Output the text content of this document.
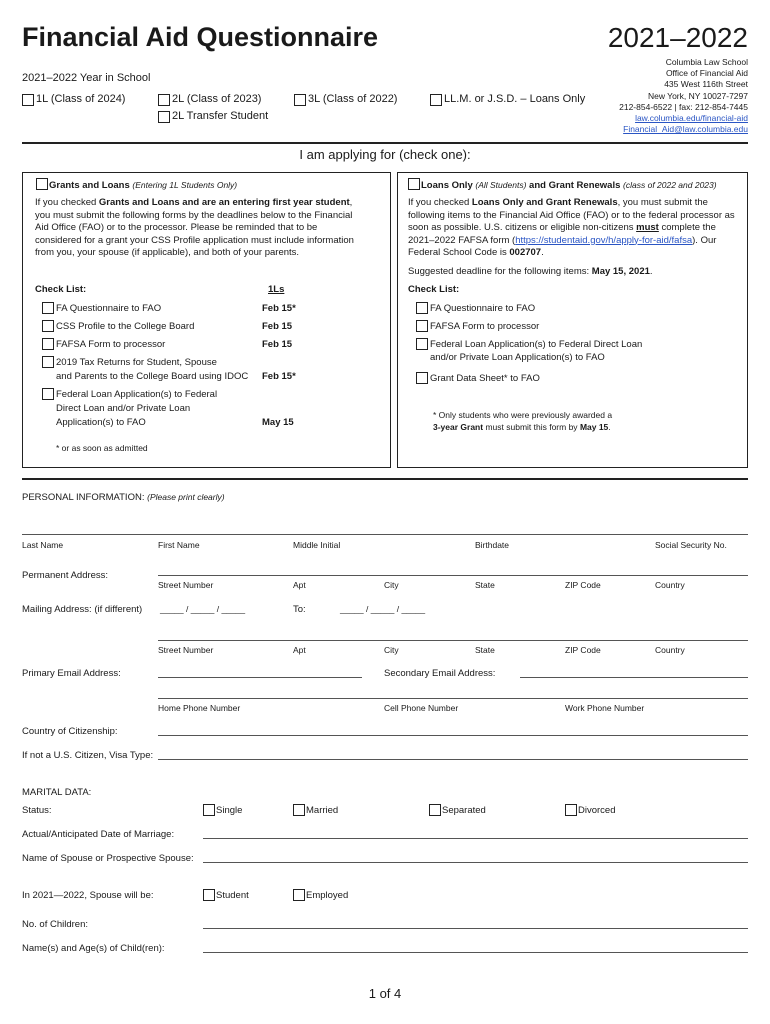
Financial Aid Questionnaire	2021–2022
2021–2022 Year in School
1L (Class of 2024)	2L (Class of 2023)	3L (Class of 2022)	LL.M. or J.S.D. – Loans Only
2L Transfer Student
Columbia Law School
Office of Financial Aid
435 West 116th Street
New York, NY 10027-7297
212-854-6522 | fax: 212-854-7445
law.columbia.edu/financial-aid
Financial_Aid@law.columbia.edu
I am applying for (check one):
Grants and Loans (Entering 1L Students Only)
If you checked Grants and Loans and are an entering first year student, you must submit the following forms by the deadlines below to the Financial Aid Office (FAO) or to the processor. Please be reminded that to be considered for a grant your CSS Profile application must include information from you, your spouse (if applicable), and both of your parents.
Check List:	1Ls
FA Questionnaire to FAO	Feb 15*
CSS Profile to the College Board	Feb 15
FAFSA Form to processor	Feb 15
2019 Tax Returns for Student, Spouse
and Parents to the College Board using IDOC Feb 15*
Federal Loan Application(s) to Federal
Direct Loan and/or Private Loan
Application(s) to FAO	May 15
* or as soon as admitted
Loans Only (All Students) and Grant Renewals (class of 2022 and 2023)
If you checked Loans Only and Grant Renewals, you must submit the following items to the Financial Aid Office (FAO) or to the federal processor as soon as possible. U.S. citizens or eligible non-citizens must complete the 2021–2022 FAFSA form (https://studentaid.gov/h/apply-for-aid/fafsa). Our Federal School Code is 002707.
Suggested deadline for the following items: May 15, 2021.
Check List:
FA Questionnaire to FAO
FAFSA Form to processor
Federal Loan Application(s) to Federal Direct Loan
and/or Private Loan Application(s) to FAO
Grant Data Sheet* to FAO
* Only students who were previously awarded a
3-year Grant must submit this form by May 15.
PERSONAL INFORMATION: (Please print clearly)
Last Name	First Name	Middle Initial	Birthdate	Social Security No.
Permanent Address:
Street Number	Apt	City	State	ZIP Code	Country
Mailing Address: (if different) _____ / _____ / _____	To:	_____ / _____ / _____
Street Number	Apt	City	State	ZIP Code	Country
Primary Email Address:	Secondary Email Address:
Home Phone Number	Cell Phone Number	Work Phone Number
Country of Citizenship:
If not a U.S. Citizen, Visa Type:
MARITAL DATA:
Status:	Single	Married	Separated	Divorced
Actual/Anticipated Date of Marriage:
Name of Spouse or Prospective Spouse:
In 2021—2022, Spouse will be:	Student	Employed
No. of Children:
Name(s) and Age(s) of Child(ren):
1 of 4
